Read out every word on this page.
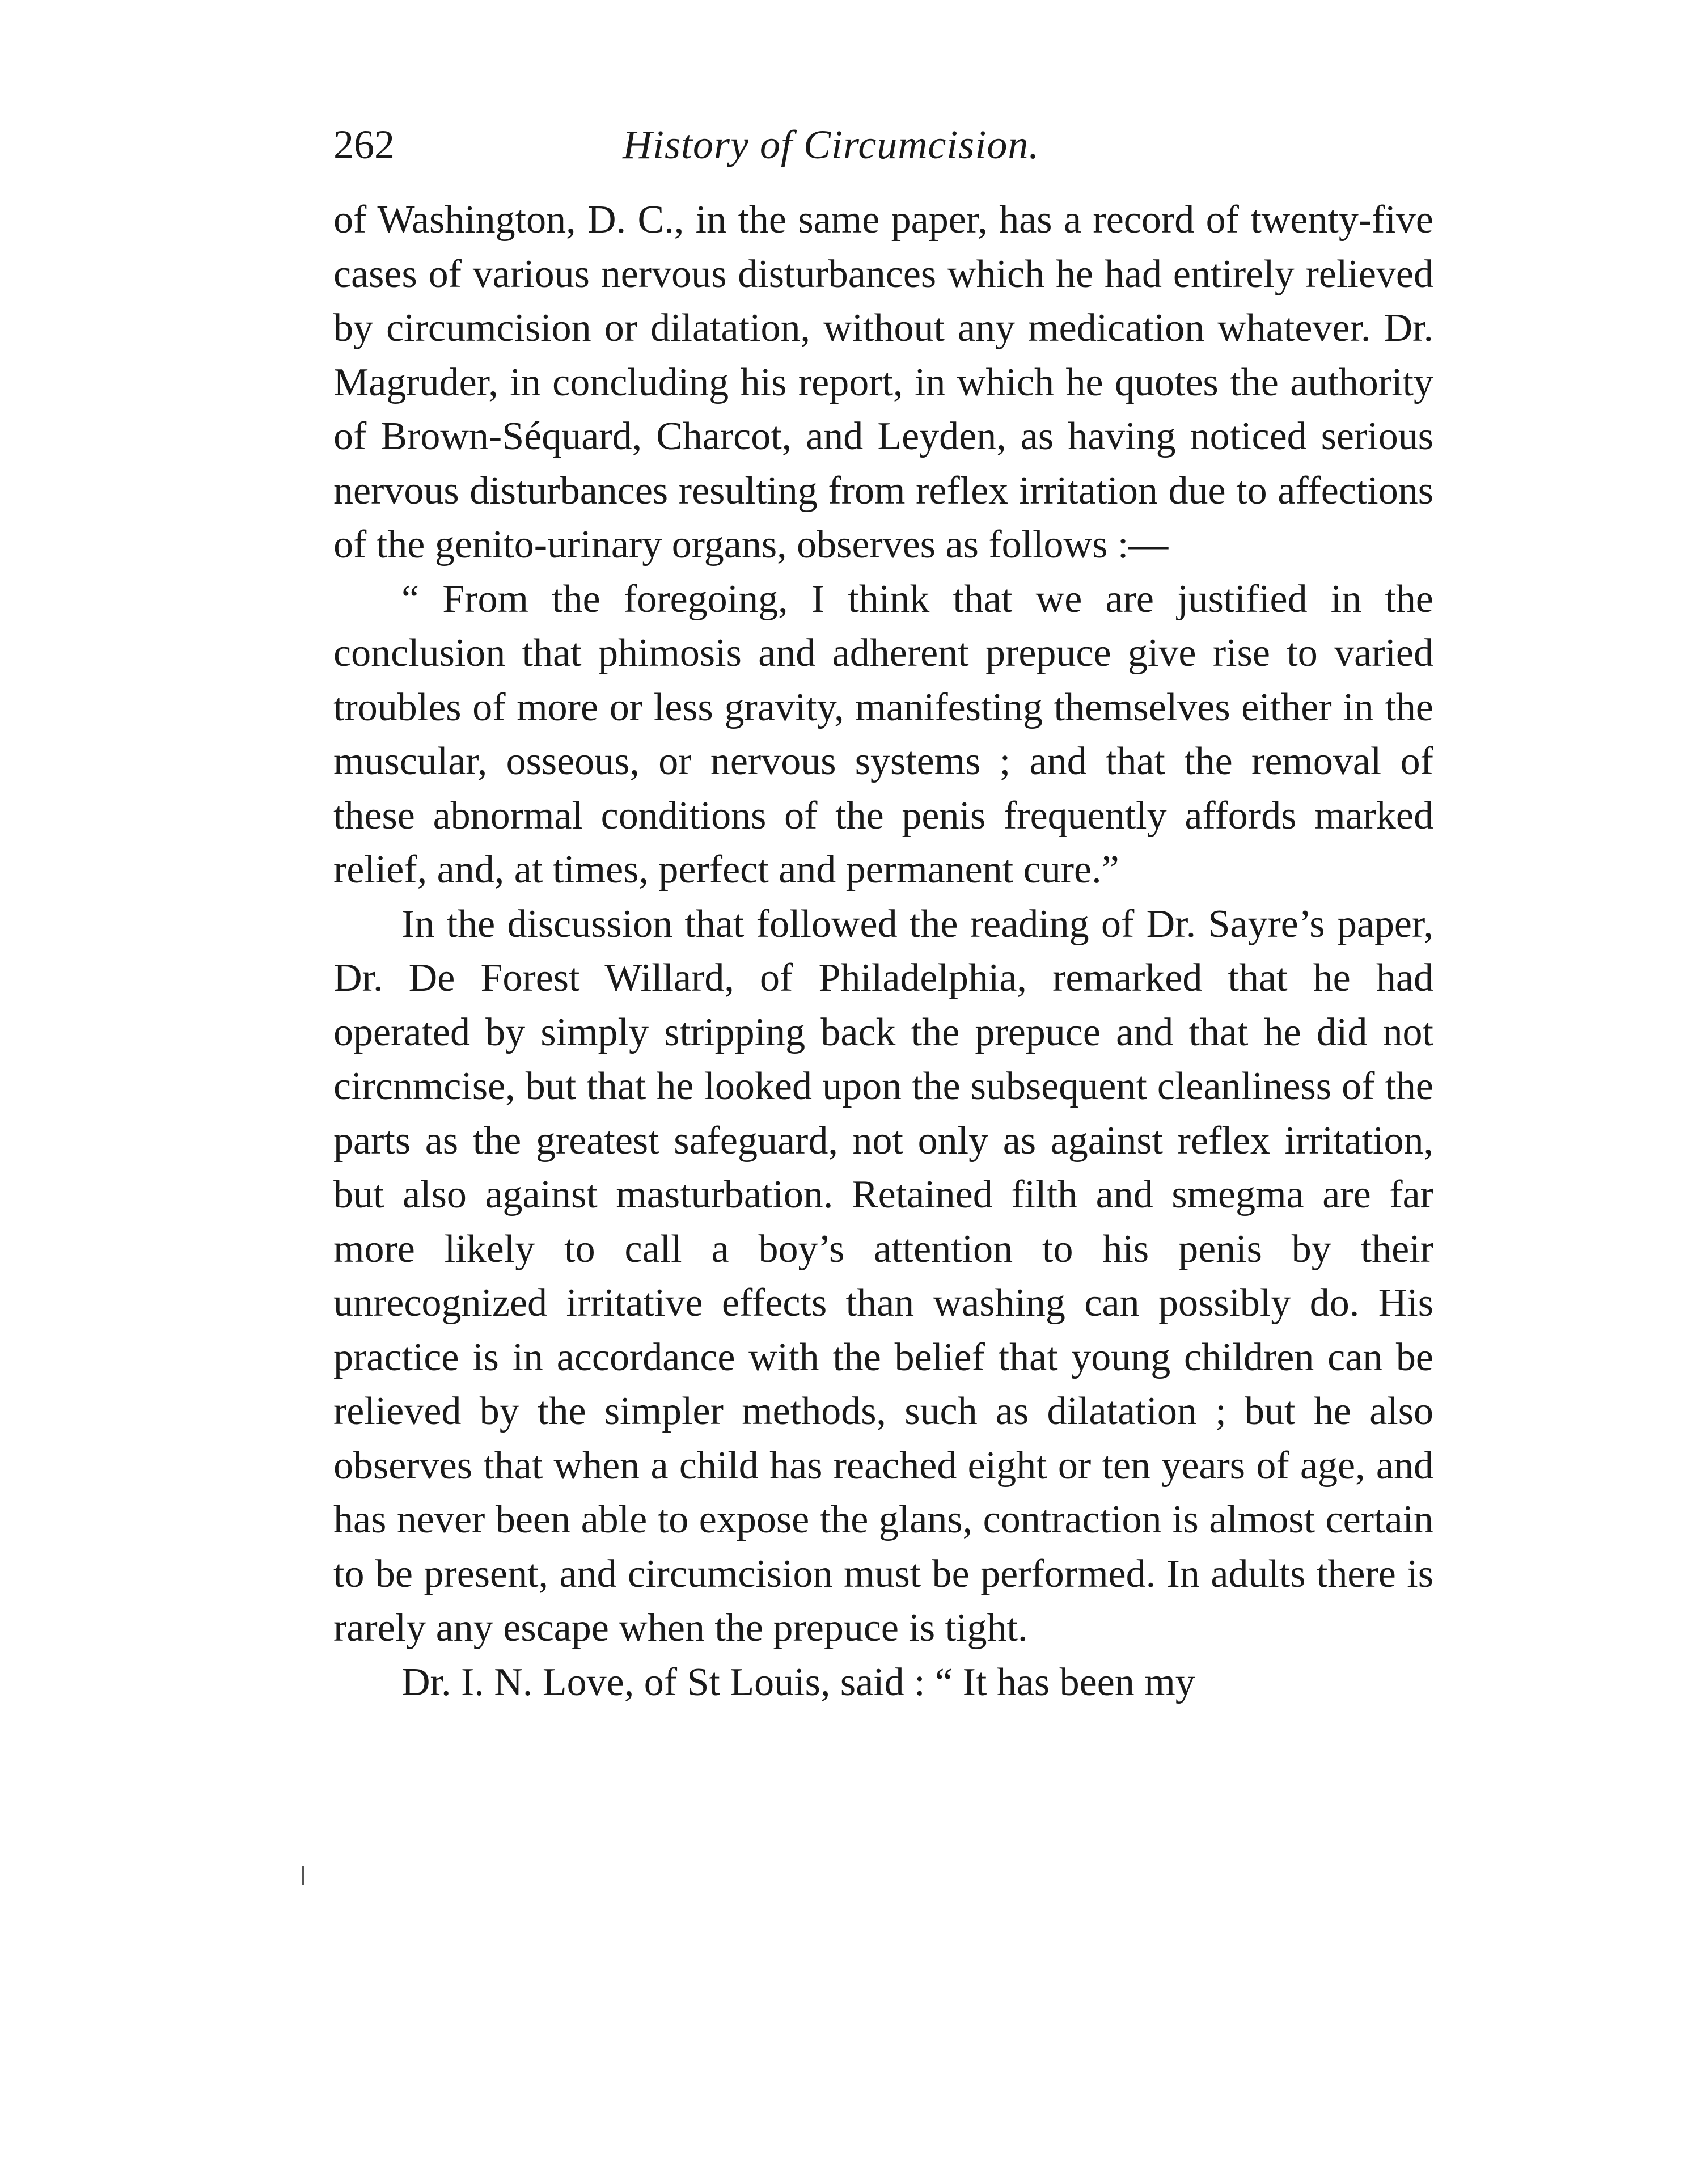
262	History of Circumcision.

of Washington, D. C., in the same paper, has a record of twenty-five cases of various nervous disturbances which he had entirely relieved by circumcision or dilatation, without any medication whatever. Dr. Magruder, in concluding his report, in which he quotes the authority of Brown-Séquard, Charcot, and Leyden, as having noticed serious nervous disturbances resulting from reflex irritation due to affections of the genito-urinary organs, observes as follows :—

“ From the foregoing, I think that we are justified in the conclusion that phimosis and adherent prepuce give rise to varied troubles of more or less gravity, manifesting themselves either in the muscular, osseous, or nervous systems ; and that the removal of these abnormal conditions of the penis frequently affords marked relief, and, at times, perfect and permanent cure.”

In the discussion that followed the reading of Dr. Sayre’s paper, Dr. De Forest Willard, of Philadelphia, remarked that he had operated by simply stripping back the prepuce and that he did not circnmcise, but that he looked upon the subsequent cleanliness of the parts as the greatest safeguard, not only as against reflex irritation, but also against masturbation. Retained filth and smegma are far more likely to call a boy’s attention to his penis by their unrecognized irritative effects than washing can possibly do. His practice is in accordance with the belief that young children can be relieved by the simpler methods, such as dilatation ; but he also observes that when a child has reached eight or ten years of age, and has never been able to expose the glans, contraction is almost certain to be present, and circumcision must be performed. In adults there is rarely any escape when the prepuce is tight.

Dr. I. N. Love, of St Louis, said : “ It has been my
